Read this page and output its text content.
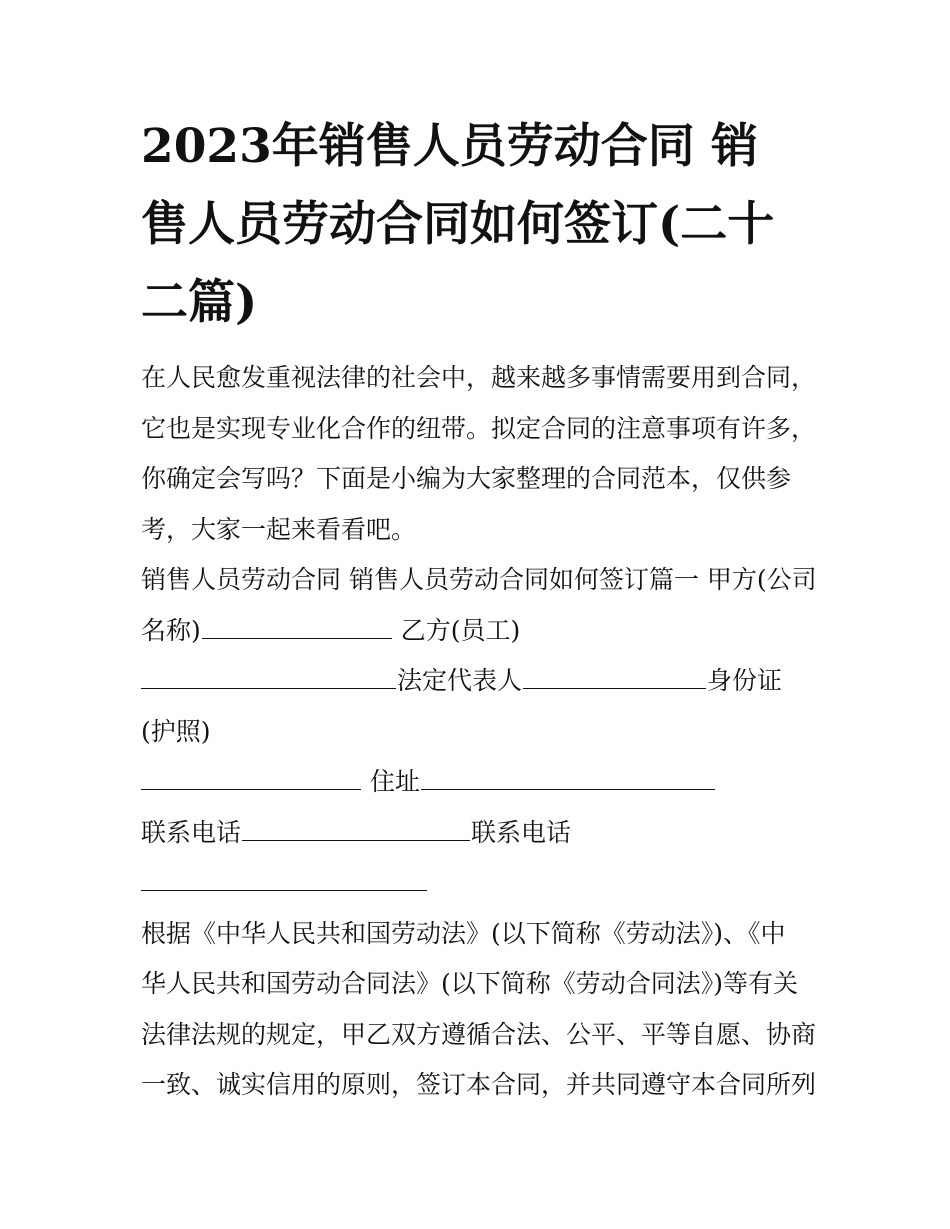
2023年销售人员劳动合同 销
售人员劳动合同如何签订(二十
二篇)
在人民愈发重视法律的社会中，越来越多事情需要用到合同，
它也是实现专业化合作的纽带。拟定合同的注意事项有许多，
你确定会写吗？下面是小编为大家整理的合同范本，仅供参
考，大家一起来看看吧。
销售人员劳动合同 销售人员劳动合同如何签订篇一 甲方(公司
名称)	乙方(员工)
法定代表人	身份证
(护照)
住址
联系电话	联系电话
根据《中华人民共和国劳动法》(以下简称《劳动法》)、《中
华人民共和国劳动合同法》(以下简称《劳动合同法》)等有关
法律法规的规定，甲乙双方遵循合法、公平、平等自愿、协商
一致、诚实信用的原则，签订本合同，并共同遵守本合同所列
